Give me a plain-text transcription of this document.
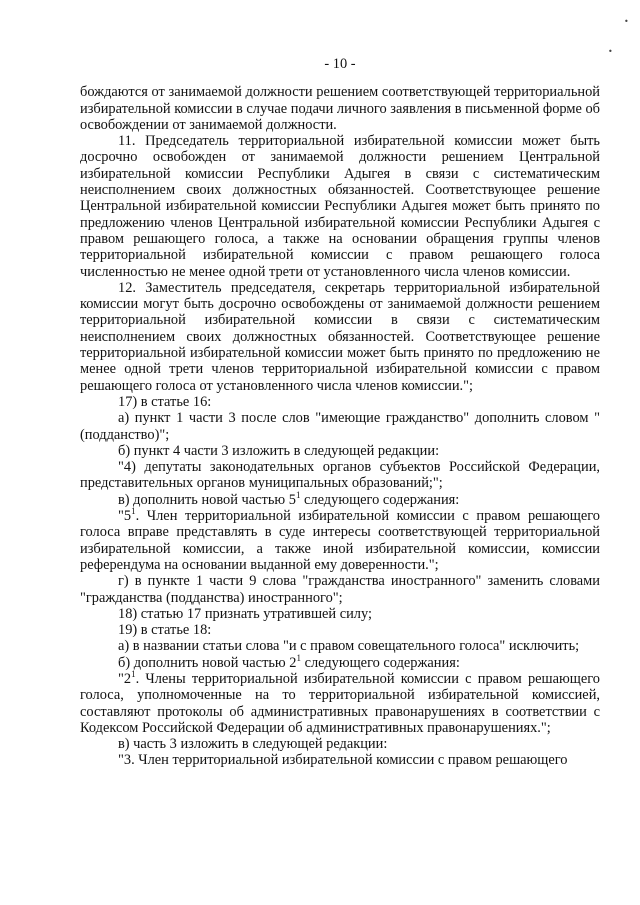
•
•
- 10 -

бождаются от занимаемой должности решением соответствующей территориальной избирательной комиссии в случае подачи личного заявления в письменной форме об освобождении от занимаемой должности.

11. Председатель территориальной избирательной комиссии может быть досрочно освобожден от занимаемой должности решением Центральной избирательной комиссии Республики Адыгея в связи с систематическим неисполнением своих должностных обязанностей. Соответствующее решение Центральной избирательной комиссии Республики Адыгея может быть принято по предложению членов Центральной избирательной комиссии Республики Адыгея с правом решающего голоса, а также на основании обращения группы членов территориальной избирательной комиссии с правом решающего голоса численностью не менее одной трети от установленного числа членов комиссии.

12. Заместитель председателя, секретарь территориальной избирательной комиссии могут быть досрочно освобождены от занимаемой должности решением территориальной избирательной комиссии в связи с систематическим неисполнением своих должностных обязанностей. Соответствующее решение территориальной избирательной комиссии может быть принято по предложению не менее одной трети членов территориальной избирательной комиссии с правом решающего голоса от установленного числа членов комиссии.";

17) в статье 16:

а) пункт 1 части 3 после слов "имеющие гражданство" дополнить словом "(подданство)";

б) пункт 4 части 3 изложить в следующей редакции:

"4) депутаты законодательных органов субъектов Российской Федерации, представительных органов муниципальных образований;";

в) дополнить новой частью $5^1$ следующего содержания:

"$5^1$. Член территориальной избирательной комиссии с правом решающего голоса вправе представлять в суде интересы соответствующей территориальной избирательной комиссии, а также иной избирательной комиссии, комиссии референдума на основании выданной ему доверенности.";

г) в пункте 1 части 9 слова "гражданства иностранного" заменить словами "гражданства (подданства) иностранного";

18) статью 17 признать утратившей силу;

19) в статье 18:

а) в названии статьи слова "и с правом совещательного голоса" исключить;

б) дополнить новой частью $2^1$ следующего содержания:

"$2^1$. Члены территориальной избирательной комиссии с правом решающего голоса, уполномоченные на то территориальной избирательной комиссией, составляют протоколы об административных правонарушениях в соответствии с Кодексом Российской Федерации об административных правонарушениях.";

в) часть 3 изложить в следующей редакции:

"3. Член территориальной избирательной комиссии с правом решающего
